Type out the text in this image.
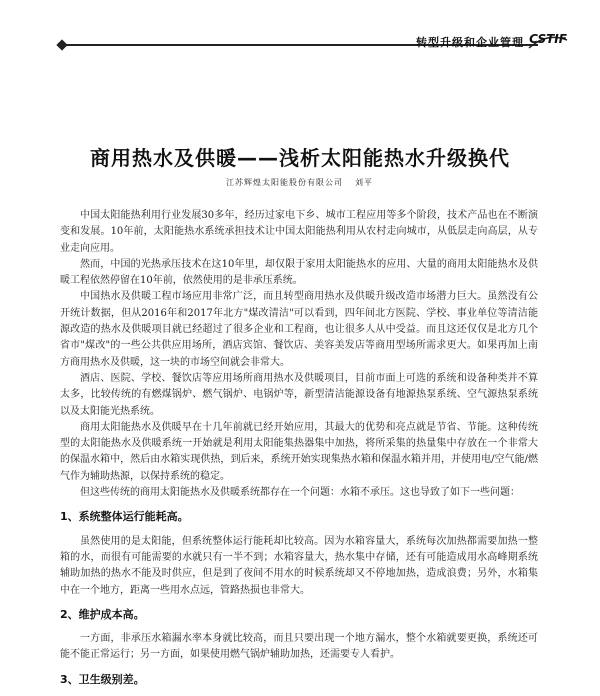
转型升级和企业管理 CSTIF
商用热水及供暖——浅析太阳能热水升级换代
江苏辉煌太阳能股份有限公司 刘平

中国太阳能热利用行业发展30多年，经历过家电下乡、城市工程应用等多个阶段，技术产品也在不断演变和发展。10年前，太阳能热水系统承担技术让中国太阳能热利用从农村走向城市，从低层走向高层，从专业走向应用。

然而，中国的光热承压技术在这10年里，却仅限于家用太阳能热水的应用、大量的商用太阳能热水及供暖工程依然停留在10年前，依然使用的是非承压系统。

中国热水及供暖工程市场应用非常广泛，而且转型商用热水及供暖升级改造市场潜力巨大。虽然没有公开统计数据，但从2016年和2017年北方"煤改清洁"可以看到，四年间北方医院、学校、事业单位等清洁能源改造的热水及供暖项目就已经超过了很多企业和工程商，也让很多人从中受益。而且这还仅仅是北方几个省市"煤改"的一些公共供应用场所，酒店宾馆、餐饮店、美容美发店等商用型场所需求更大。如果再加上南方商用热水及供暖，这一块的市场空间就会非常大。

酒店、医院、学校、餐饮店等应用场所商用热水及供暖项目，目前市面上可选的系统和设备种类并不算太多，比较传统的有燃煤锅炉、燃气锅炉、电锅炉等，新型清洁能源设备有地源热泵系统、空气源热泵系统以及太阳能光热系统。

商用太阳能热水及供暖早在十几年前就已经开始应用，其最大的优势和亮点就是节省、节能。这种传统型的太阳能热水及供暖系统一开始就是利用太阳能集热器集中加热，将所采集的热量集中存放在一个非常大的保温水箱中，然后由水箱实现供热，到后来，系统开始实现集热水箱和保温水箱并用，并使用电/空气能/燃气作为辅助热源，以保持系统的稳定。

但这些传统的商用太阳能热水及供暖系统都存在一个问题：水箱不承压。这也导致了如下一些问题：

1、系统整体运行能耗高。

虽然使用的是太阳能，但系统整体运行能耗却比较高。因为水箱容量大，系统每次加热都需要加热一整箱的水，而很有可能需要的水就只有一半不到；水箱容量大，热水集中存储，还有可能造成用水高峰期系统辅助加热的热水不能及时供应，但是到了夜间不用水的时候系统却又不停地加热，造成浪费；另外，水箱集中在一个地方，距离一些用水点远，管路热损也非常大。

2、维护成本高。

一方面，非承压水箱漏水率本身就比较高，而且只要出现一个地方漏水，整个水箱就要更换，系统还可能不能正常运行；另一方面，如果使用燃气锅炉辅助加热，还需要专人看护。

3、卫生级别差。
